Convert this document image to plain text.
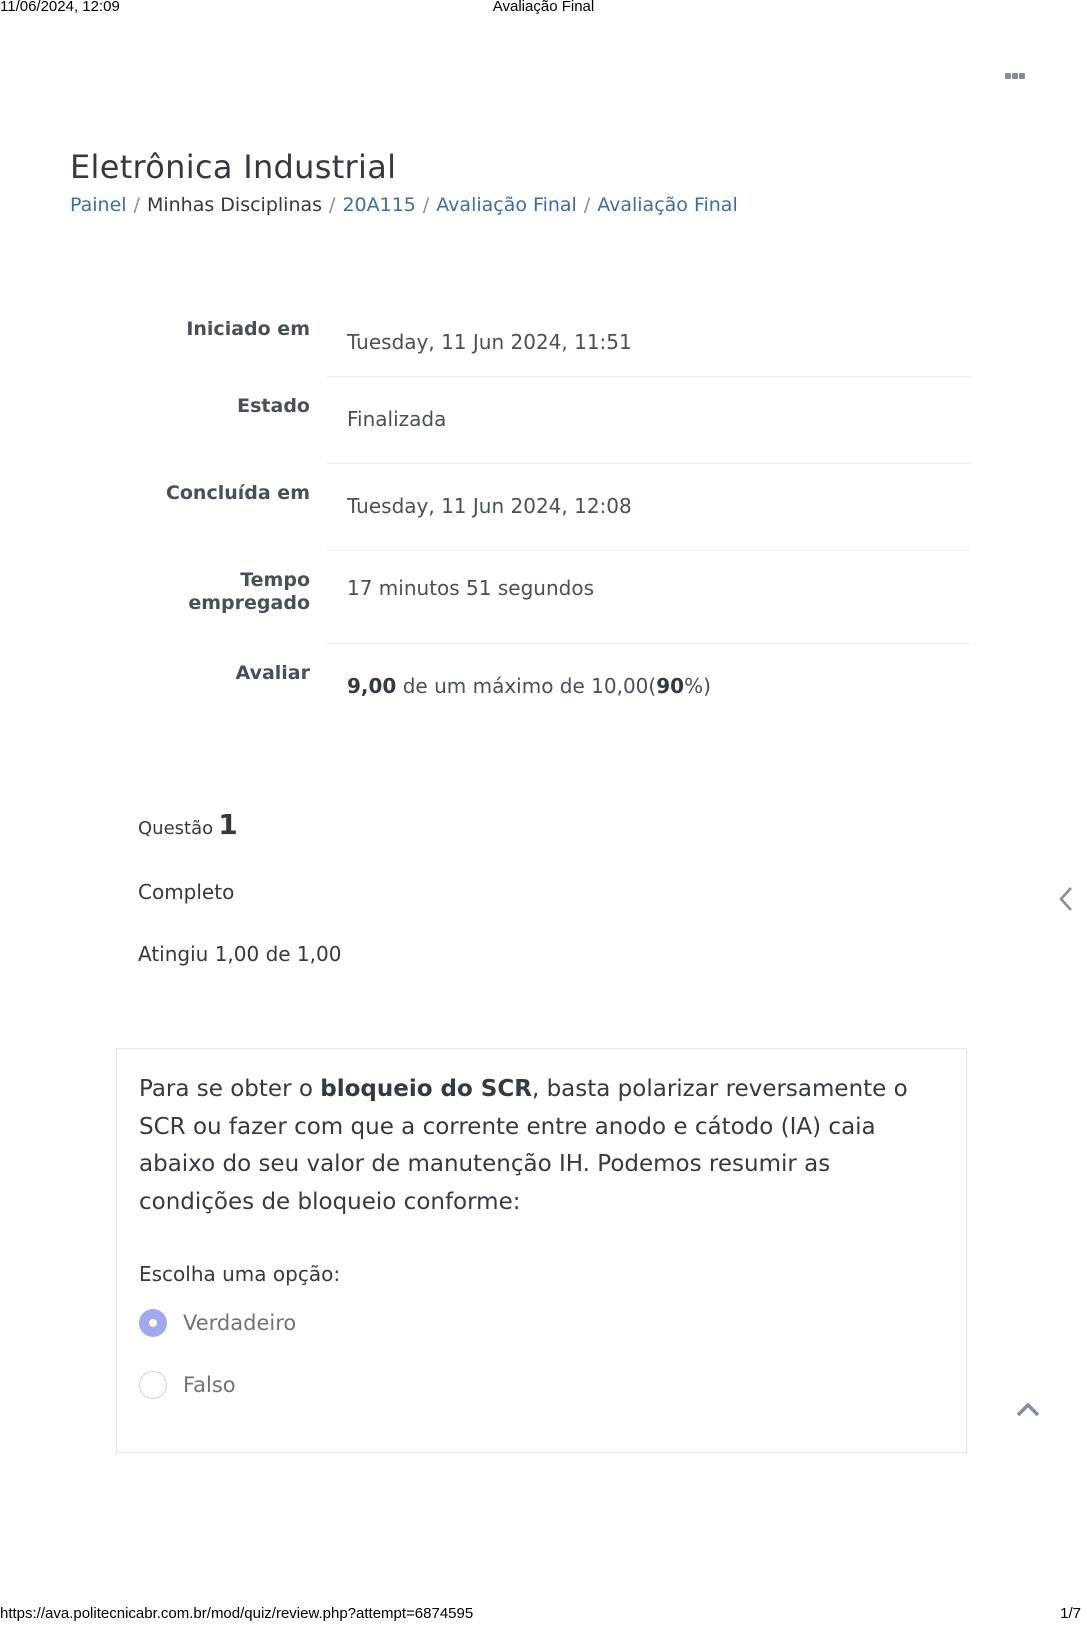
11/06/2024, 12:09	Avaliação Final
Eletrônica Industrial
Painel / Minhas Disciplinas / 20A115 / Avaliação Final / Avaliação Final
Iniciado em
Tuesday, 11 Jun 2024, 11:51
Estado
Finalizada
Concluída em
Tuesday, 11 Jun 2024, 12:08
Tempo
empregado
17 minutos 51 segundos
Avaliar
9,00 de um máximo de 10,00(90%)
Questão 1
Completo
Atingiu 1,00 de 1,00
Para se obter o bloqueio do SCR, basta polarizar reversamente o SCR ou fazer com que a corrente entre anodo e cátodo (IA) caia abaixo do seu valor de manutenção IH. Podemos resumir as condições de bloqueio conforme:
Escolha uma opção:
Verdadeiro
Falso
https://ava.politecnicabr.com.br/mod/quiz/review.php?attempt=6874595	1/7
